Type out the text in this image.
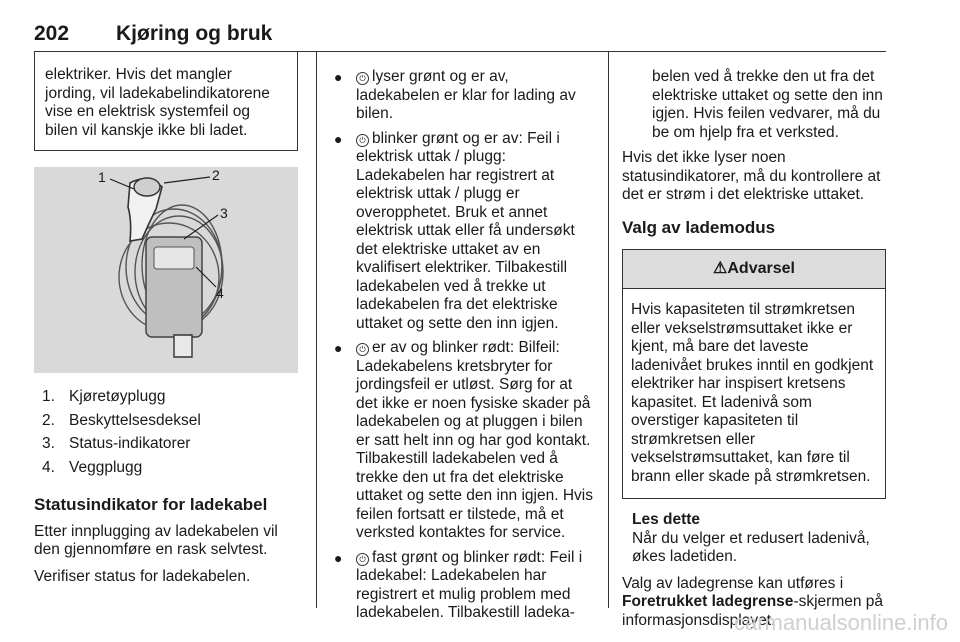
202 Kjøring og bruk

elektriker. Hvis det mangler jording, vil ladekabelindikatorene vise en elektrisk systemfeil og bilen vil kanskje ikke bli ladet.

1	2
3
4
1. Kjøretøyplugg
2. Beskyttelsesdeksel
3. Status-indikatorer
4. Veggplugg
Statusindikator for ladekabel

Etter innplugging av ladekabelen vil den gjennomføre en rask selvtest.

Verifiser status for ladekabelen.

●	⏻ lyser grønt og er av, ladekabelen er klar for lading av bilen.

●	⏻ blinker grønt og er av: Feil i elektrisk uttak / plugg: Ladekabelen har registrert at elektrisk uttak / plugg er overopphetet. Bruk et annet elektrisk uttak eller få undersøkt det elektriske uttaket av en kvalifisert elektriker. Tilbakestill ladekabelen ved å trekke ut ladekabelen fra det elektriske uttaket og sette den inn igjen.

●	⏻ er av og blinker rødt: Bilfeil: Ladekabelens kretsbryter for jordingsfeil er utløst. Sørg for at det ikke er noen fysiske skader på ladekabelen og at pluggen i bilen er satt helt inn og har god kontakt. Tilbakestill ladekabelen ved å trekke den ut fra det elektriske uttaket og sette den inn igjen. Hvis feilen fortsatt er tilstede, må et verksted kontaktes for service.

●	⏻ fast grønt og blinker rødt: Feil i ladekabel: Ladekabelen har registrert et mulig problem med ladekabelen. Tilbakestill ladeka-

belen ved å trekke den ut fra det elektriske uttaket og sette den inn igjen. Hvis feilen vedvarer, må du be om hjelp fra et verksted.

Hvis det ikke lyser noen statusindikatorer, må du kontrollere at det er strøm i det elektriske uttaket.

Valg av lademodus
⚠Advarsel

Hvis kapasiteten til strømkretsen eller vekselstrømsuttaket ikke er kjent, må bare det laveste ladenivået brukes inntil en godkjent elektriker har inspisert kretsens kapasitet. Et ladenivå som overstiger kapasiteten til strømkretsen eller vekselstrømsuttaket, kan føre til brann eller skade på strømkretsen.

Les dette

Når du velger et redusert ladenivå, økes ladetiden.

Valg av ladegrense kan utføres i Foretrukket ladegrense-skjermen på informasjonsdisplayet.

carmanualsonline.info
